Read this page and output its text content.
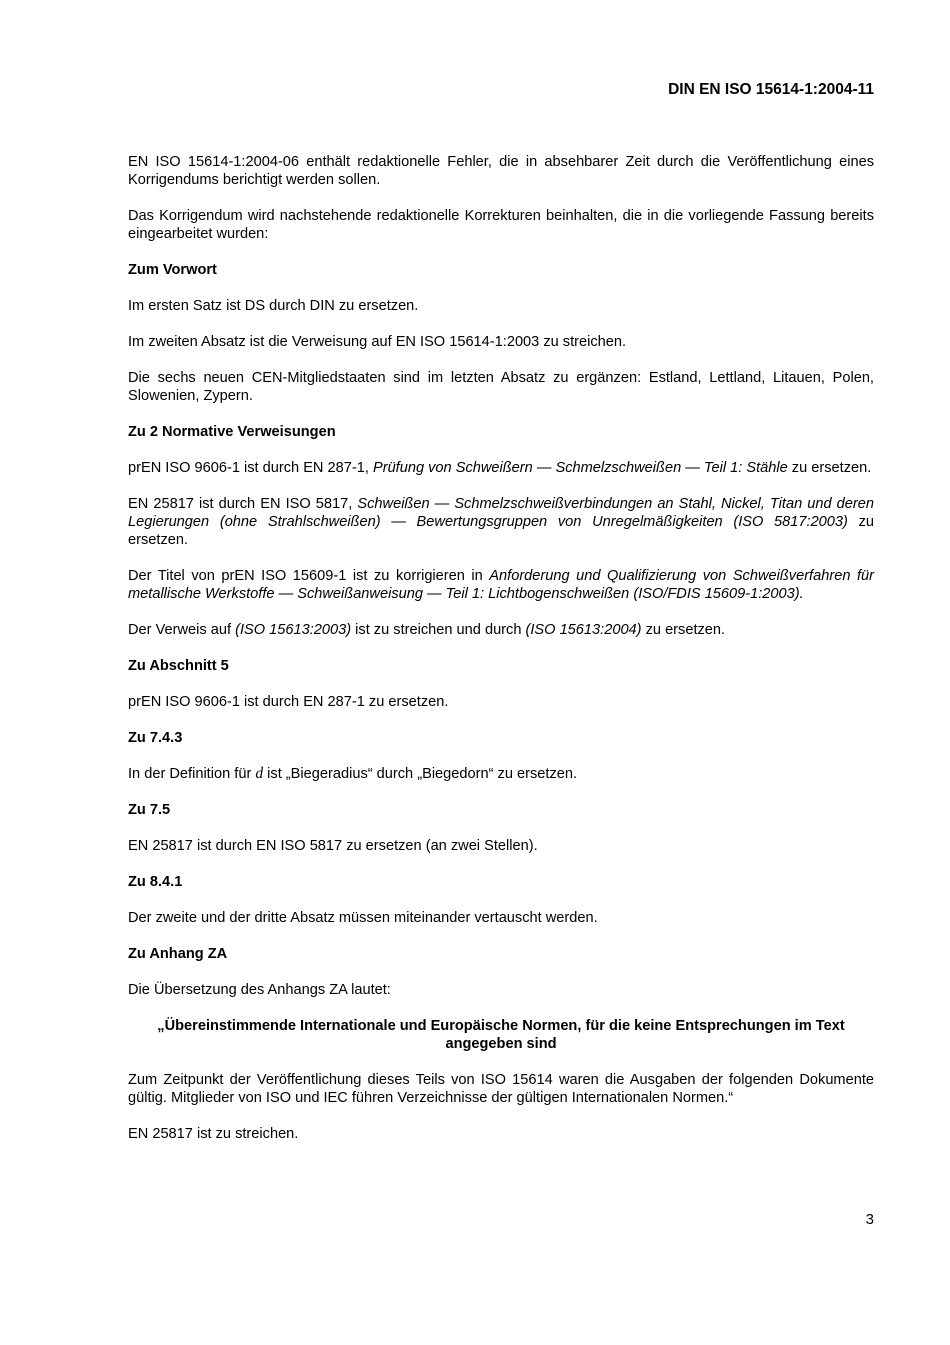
DIN EN ISO 15614-1:2004-11

EN ISO 15614-1:2004-06 enthält redaktionelle Fehler, die in absehbarer Zeit durch die Veröffentlichung eines Korrigendums berichtigt werden sollen.

Das Korrigendum wird nachstehende redaktionelle Korrekturen beinhalten, die in die vorliegende Fassung bereits eingearbeitet wurden:

Zum Vorwort

Im ersten Satz ist DS durch DIN zu ersetzen.

Im zweiten Absatz ist die Verweisung auf EN ISO 15614-1:2003 zu streichen.

Die sechs neuen CEN-Mitgliedstaaten sind im letzten Absatz zu ergänzen: Estland, Lettland, Litauen, Polen, Slowenien, Zypern.

Zu 2 Normative Verweisungen

prEN ISO 9606-1 ist durch EN 287-1, Prüfung von Schweißern — Schmelzschweißen — Teil 1: Stähle zu ersetzen.

EN 25817 ist durch EN ISO 5817, Schweißen — Schmelzschweißverbindungen an Stahl, Nickel, Titan und deren Legierungen (ohne Strahlschweißen) — Bewertungsgruppen von Unregelmäßigkeiten (ISO 5817:2003) zu ersetzen.

Der Titel von prEN ISO 15609-1 ist zu korrigieren in Anforderung und Qualifizierung von Schweißverfahren für metallische Werkstoffe — Schweißanweisung — Teil 1: Lichtbogenschweißen (ISO/FDIS 15609-1:2003).

Der Verweis auf (ISO 15613:2003) ist zu streichen und durch (ISO 15613:2004) zu ersetzen.

Zu Abschnitt 5

prEN ISO 9606-1 ist durch EN 287-1 zu ersetzen.

Zu 7.4.3

In der Definition für d ist „Biegeradius“ durch „Biegedorn“ zu ersetzen.

Zu 7.5

EN 25817 ist durch EN ISO 5817 zu ersetzen (an zwei Stellen).

Zu 8.4.1

Der zweite und der dritte Absatz müssen miteinander vertauscht werden.

Zu Anhang ZA

Die Übersetzung des Anhangs ZA lautet:

„Übereinstimmende Internationale und Europäische Normen, für die keine Entsprechungen im Text angegeben sind

Zum Zeitpunkt der Veröffentlichung dieses Teils von ISO 15614 waren die Ausgaben der folgenden Dokumente gültig. Mitglieder von ISO und IEC führen Verzeichnisse der gültigen Internationalen Normen.“

EN 25817 ist zu streichen.

3
